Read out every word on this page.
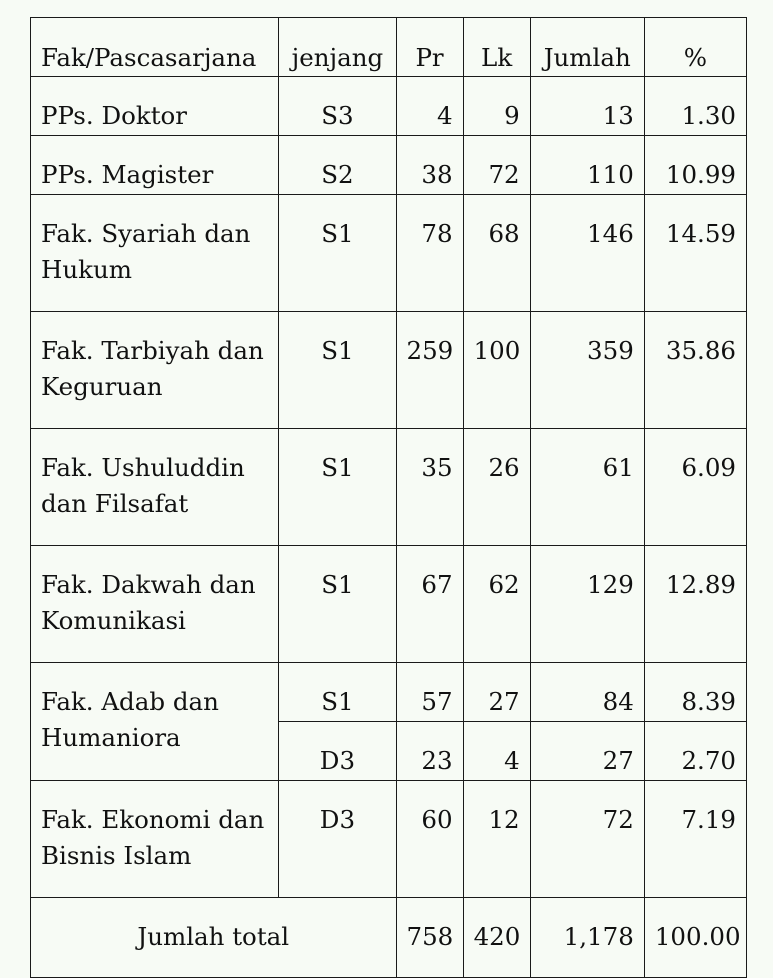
Fak/Pascasarjana	jenjang	Pr	Lk	Jumlah	%
PPs. Doktor	S3	4	9	13	1.30
PPs. Magister	S2	38	72	110	10.99
Fak. Syariah dan Hukum	S1	78	68	146	14.59
Fak. Tarbiyah dan Keguruan	S1	259	100	359	35.86
Fak. Ushuluddin dan Filsafat	S1	35	26	61	6.09
Fak. Dakwah dan Komunikasi	S1	67	62	129	12.89
Fak. Adab dan Humaniora	S1	57	27	84	8.39
	D3	23	4	27	2.70
Fak. Ekonomi dan Bisnis Islam	D3	60	12	72	7.19
Jumlah total		758	420	1,178	100.00
